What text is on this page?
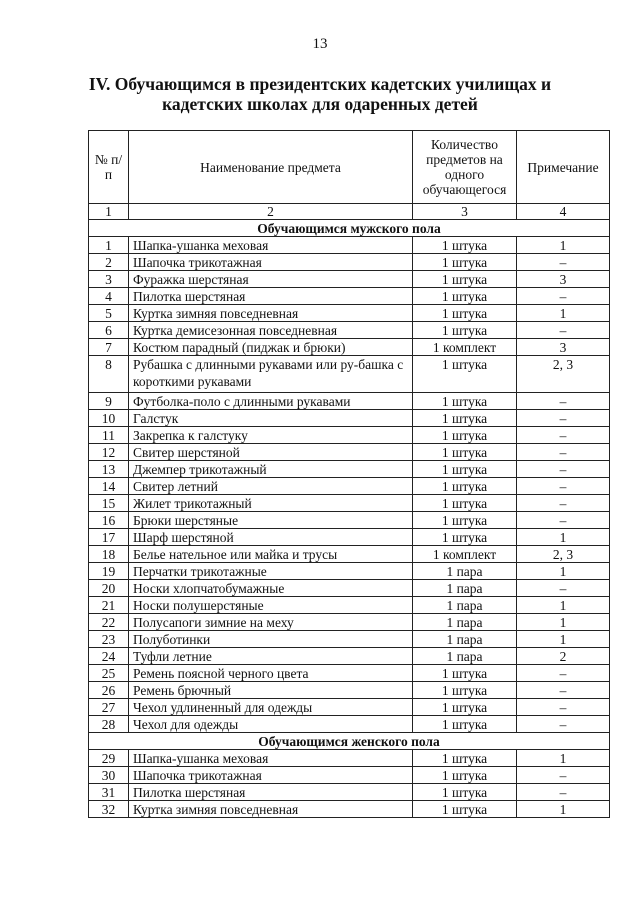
13
IV. Обучающимся в президентских кадетских училищах и
кадетских школах для одаренных детей
№ п/п	Наименование предмета	Количество предметов на одного обучающегося	Примечание
1	2	3	4
Обучающимся мужского пола			
1	Шапка-ушанка меховая	1 штука	1
2	Шапочка трикотажная	1 штука	–
3	Фуражка шерстяная	1 штука	3
4	Пилотка шерстяная	1 штука	–
5	Куртка зимняя повседневная	1 штука	1
6	Куртка демисезонная повседневная	1 штука	–
7	Костюм парадный (пиджак и брюки)	1 комплект	3
8	Рубашка с длинными рукавами или ру-башка с короткими рукавами	1 штука	2, 3
9	Футболка-поло с длинными рукавами	1 штука	–
10	Галстук	1 штука	–
11	Закрепка к галстуку	1 штука	–
12	Свитер шерстяной	1 штука	–
13	Джемпер трикотажный	1 штука	–
14	Свитер летний	1 штука	–
15	Жилет трикотажный	1 штука	–
16	Брюки шерстяные	1 штука	–
17	Шарф шерстяной	1 штука	1
18	Белье нательное или майка и трусы	1 комплект	2, 3
19	Перчатки трикотажные	1 пара	1
20	Носки хлопчатобумажные	1 пара	–
21	Носки полушерстяные	1 пара	1
22	Полусапоги зимние на меху	1 пара	1
23	Полуботинки	1 пара	1
24	Туфли летние	1 пара	2
25	Ремень поясной черного цвета	1 штука	–
26	Ремень брючный	1 штука	–
27	Чехол удлиненный для одежды	1 штука	–
28	Чехол для одежды	1 штука	–
Обучающимся женского пола			
29	Шапка-ушанка меховая	1 штука	1
30	Шапочка трикотажная	1 штука	–
31	Пилотка шерстяная	1 штука	–
32	Куртка зимняя повседневная	1 штука	1
